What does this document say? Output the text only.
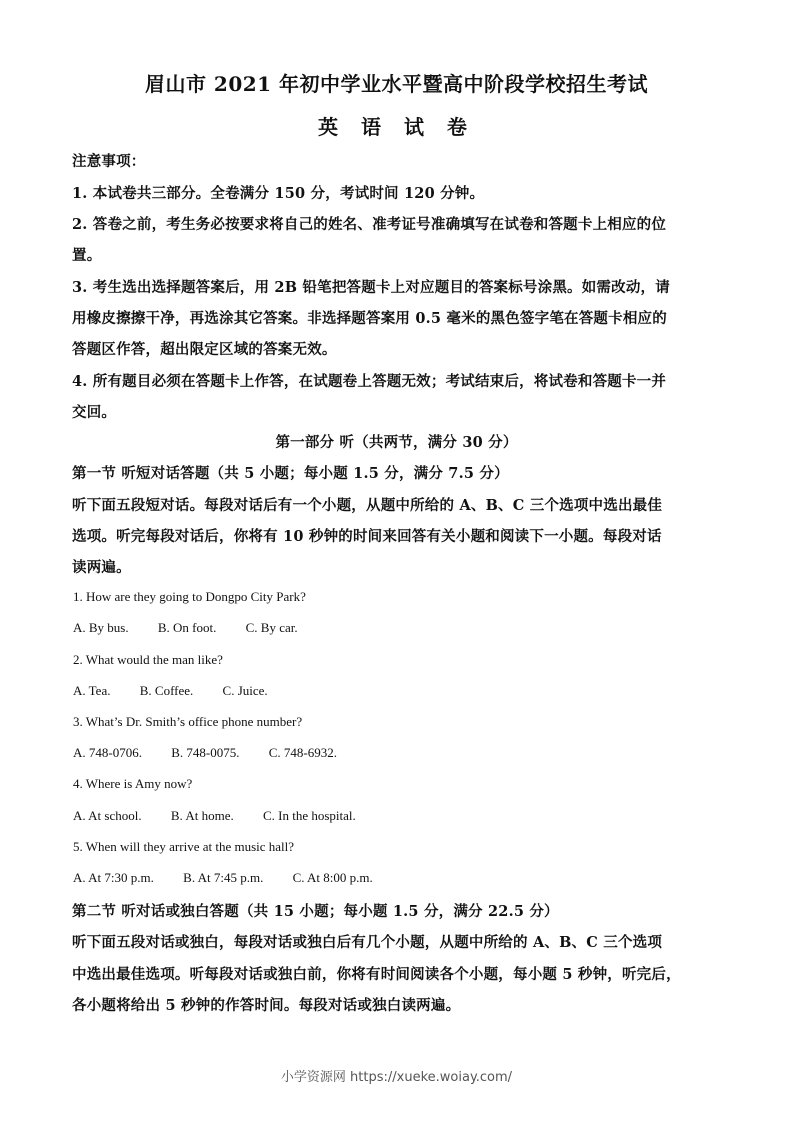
眉山市 2021 年初中学业水平暨高中阶段学校招生考试
英 语 试 卷
注意事项：
1. 本试卷共三部分。全卷满分 150 分，考试时间 120 分钟。
2. 答卷之前，考生务必按要求将自己的姓名、准考证号准确填写在试卷和答题卡上相应的位
置。
3. 考生选出选择题答案后，用 2B 铅笔把答题卡上对应题目的答案标号涂黑。如需改动，请
用橡皮擦擦干净，再选涂其它答案。非选择题答案用 0.5 毫米的黑色签字笔在答题卡相应的
答题区作答，超出限定区域的答案无效。
4. 所有题目必须在答题卡上作答，在试题卷上答题无效；考试结束后，将试卷和答题卡一并
交回。
第一部分 听（共两节，满分 30 分）
第一节 听短对话答题（共 5 小题；每小题 1.5 分，满分 7.5 分）
听下面五段短对话。每段对话后有一个小题，从题中所给的 A、B、C 三个选项中选出最佳
选项。听完每段对话后，你将有 10 秒钟的时间来回答有关小题和阅读下一小题。每段对话
读两遍。
1. How are they going to Dongpo City Park?
A. By bus. B. On foot. C. By car.
2. What would the man like?
A. Tea. B. Coffee. C. Juice.
3. What’s Dr. Smith’s office phone number?
A. 748-0706. B. 748-0075. C. 748-6932.
4. Where is Amy now?
A. At school. B. At home. C. In the hospital.
5. When will they arrive at the music hall?
A. At 7:30 p.m. B. At 7:45 p.m. C. At 8:00 p.m.
第二节 听对话或独白答题（共 15 小题；每小题 1.5 分，满分 22.5 分）
听下面五段对话或独白，每段对话或独白后有几个小题，从题中所给的 A、B、C 三个选项
中选出最佳选项。听每段对话或独白前，你将有时间阅读各个小题，每小题 5 秒钟，听完后，
各小题将给出 5 秒钟的作答时间。每段对话或独白读两遍。
小学资源网 https://xueke.woiay.com/
